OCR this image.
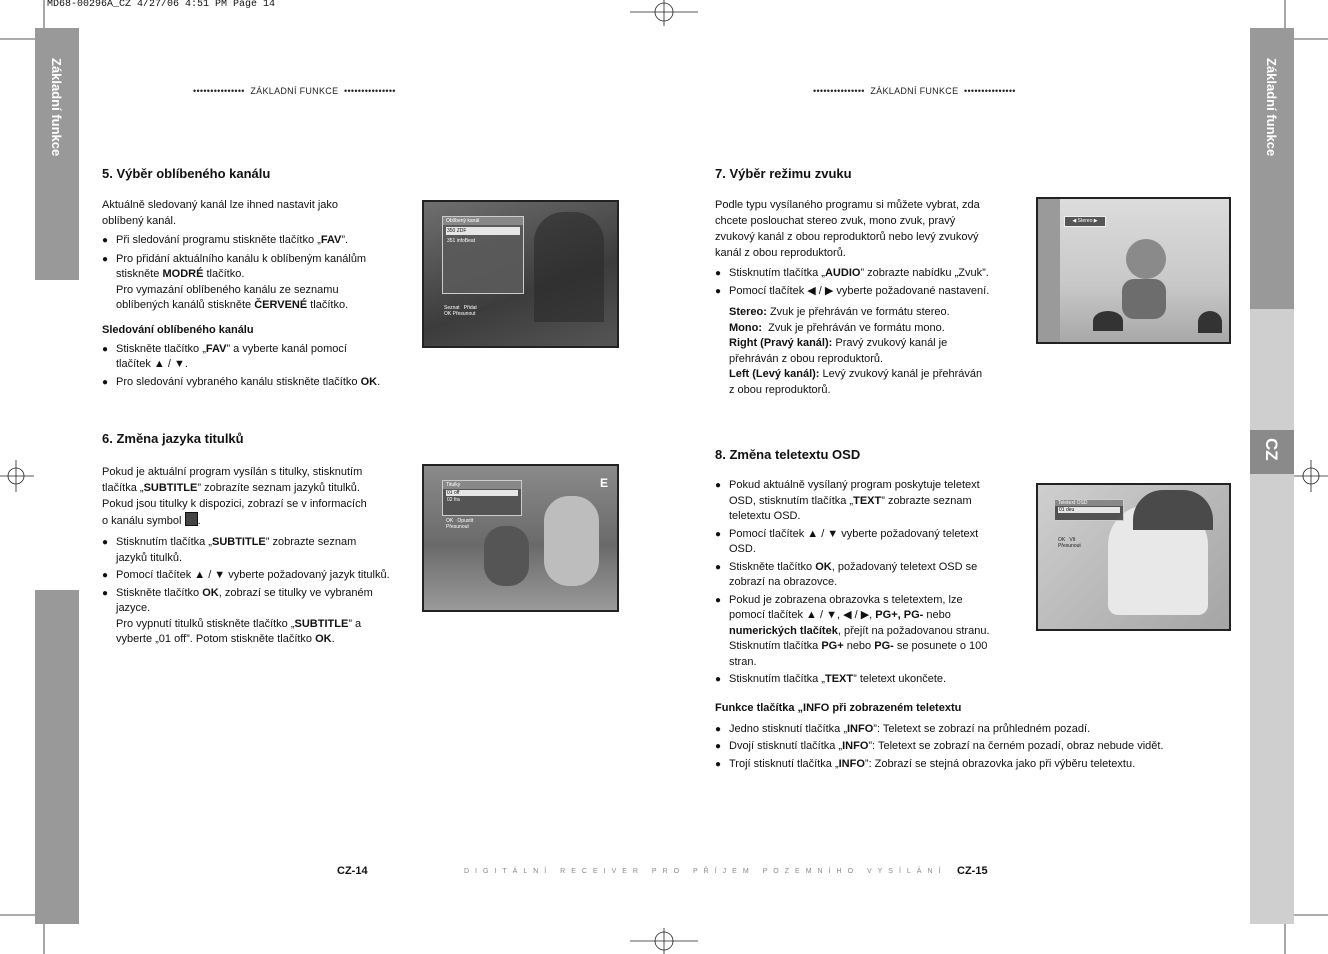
MD68-00296A_CZ 4/27/06 4:51 PM Page 14
Základní funkce	Základní funkce
CZ
••••••••••••••• ZÁKLADNÍ FUNKCE •••••••••••••••	••••••••••••••• ZÁKLADNÍ FUNKCE •••••••••••••••
5. Výběr oblíbeného kanálu
Aktuálně sledovaný kanál lze ihned nastavit jako
oblíbený kanál.
● Při sledování programu stiskněte tlačítko „FAV”.
● Pro přidání aktuálního kanálu k oblíbeným kanálům
stiskněte MODRÉ tlačítko.
Pro vymazání oblíbeného kanálu ze seznamu
oblíbených kanálů stiskněte ČERVENÉ tlačítko.
Sledování oblíbeného kanálu
● Stiskněte tlačítko „FAV” a vyberte kanál pomocí
tlačítek ▲ / ▼.
● Pro sledování vybraného kanálu stiskněte tlačítko OK.
Oblíbený kanál
350 ZDF
351 infoBeat
Seznat Přidat
OK Přesunout
6. Změna jazyka titulků
Pokud je aktuální program vysílán s titulky, stisknutím
tlačítka „SUBTITLE” zobrazíte seznam jazyků titulků.
Pokud jsou titulky k dispozici, zobrazí se v informacích
o kanálu symbol .
● Stisknutím tlačítka „SUBTITLE” zobrazte seznam
jazyků titulků.
● Pomocí tlačítek ▲ / ▼ vyberte požadovaný jazyk titulků.
● Stiskněte tlačítko OK, zobrazí se titulky ve vybraném
jazyce.
Pro vypnutí titulků stiskněte tlačítko „SUBTITLE” a
vyberte „01 off”. Potom stiskněte tlačítko OK.
E
Titulky
01 off
02 fra
OK Opustit
Přesunout
7. Výběr režimu zvuku
Podle typu vysílaného programu si můžete vybrat, zda
chcete poslouchat stereo zvuk, mono zvuk, pravý
zvukový kanál z obou reproduktorů nebo levý zvukový
kanál z obou reproduktorů.
● Stisknutím tlačítka „AUDIO” zobrazte nabídku „Zvuk”.
● Pomocí tlačítek ◀ / ▶ vyberte požadované nastavení.
Stereo: Zvuk je přehráván ve formátu stereo.
Mono:  Zvuk je přehráván ve formátu mono.
Right (Pravý kanál): Pravý zvukový kanál je
přehráván z obou reproduktorů.
Left (Levý kanál): Levý zvukový kanál je přehráván
z obou reproduktorů.
◀ Stereo ▶
8. Změna teletextu OSD
● Pokud aktuálně vysílaný program poskytuje teletext
OSD, stisknutím tlačítka „TEXT” zobrazte seznam
teletextu OSD.
● Pomocí tlačítek ▲ / ▼ vyberte požadovaný teletext
OSD.
● Stiskněte tlačítko OK, požadovaný teletext OSD se
zobrazí na obrazovce.
● Pokud je zobrazena obrazovka s teletextem, lze
pomocí tlačítek ▲ / ▼, ◀ / ▶, PG+, PG- nebo
numerických tlačítek, přejít na požadovanou stranu.
Stisknutím tlačítka PG+ nebo PG- se posunete o 100
stran.
● Stisknutím tlačítka „TEXT” teletext ukončete.
Funkce tlačítka „INFO při zobrazeném teletextu
● Jedno stisknutí tlačítka „INFO”: Teletext se zobrazí na průhledném pozadí.
● Dvojí stisknutí tlačítka „INFO”: Teletext se zobrazí na černém pozadí, obraz nebude vidět.
● Trojí stisknutí tlačítka „INFO”: Zobrazí se stejná obrazovka jako při výběru teletextu.
Teletext OSD
01 deu
OK Vlt
Přesunout
CZ-14	DIGITÁLNÍ RECEIVER PRO PŘÍJEM POZEMNÍHO VYSÍLÁNÍ CZ-15
